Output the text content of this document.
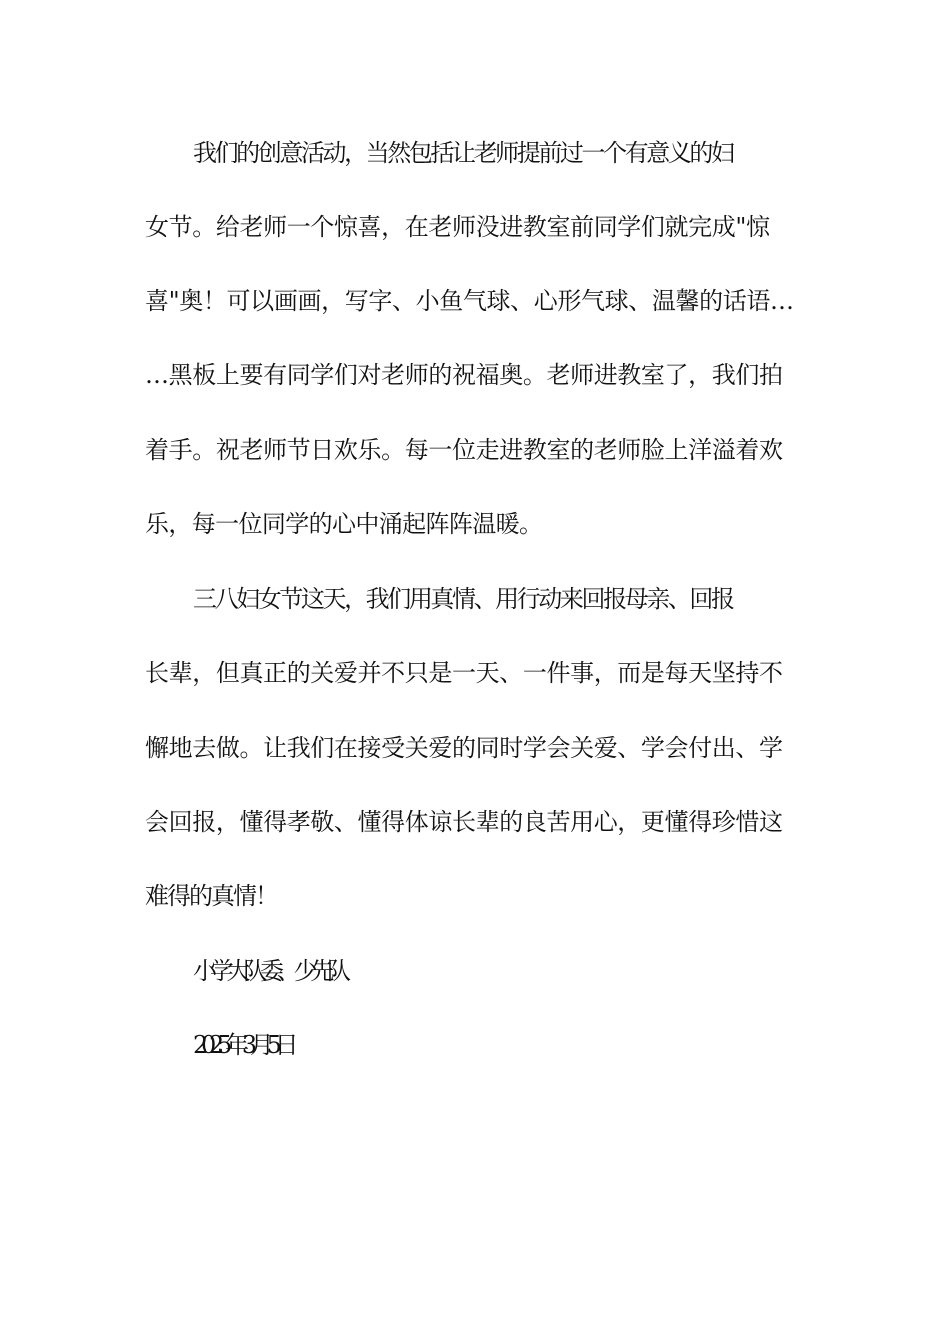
我们的创意活动，当然包括让老师提前过一个有意义的妇
女节。给老师一个惊喜，在老师没进教室前同学们就完成"惊
喜"奥！可以画画，写字、小鱼气球、心形气球、温馨的话语…
…黑板上要有同学们对老师的祝福奥。老师进教室了，我们拍
着手。祝老师节日欢乐。每一位走进教室的老师脸上洋溢着欢
乐，每一位同学的心中涌起阵阵温暖。
三八妇女节这天，我们用真情、用行动来回报母亲、回报
长辈，但真正的关爱并不只是一天、一件事，而是每天坚持不
懈地去做。让我们在接受关爱的同时学会关爱、学会付出、学
会回报，懂得孝敬、懂得体谅长辈的良苦用心，更懂得珍惜这
难得的真情！
小学大队委、少先队
2025年3月5日
